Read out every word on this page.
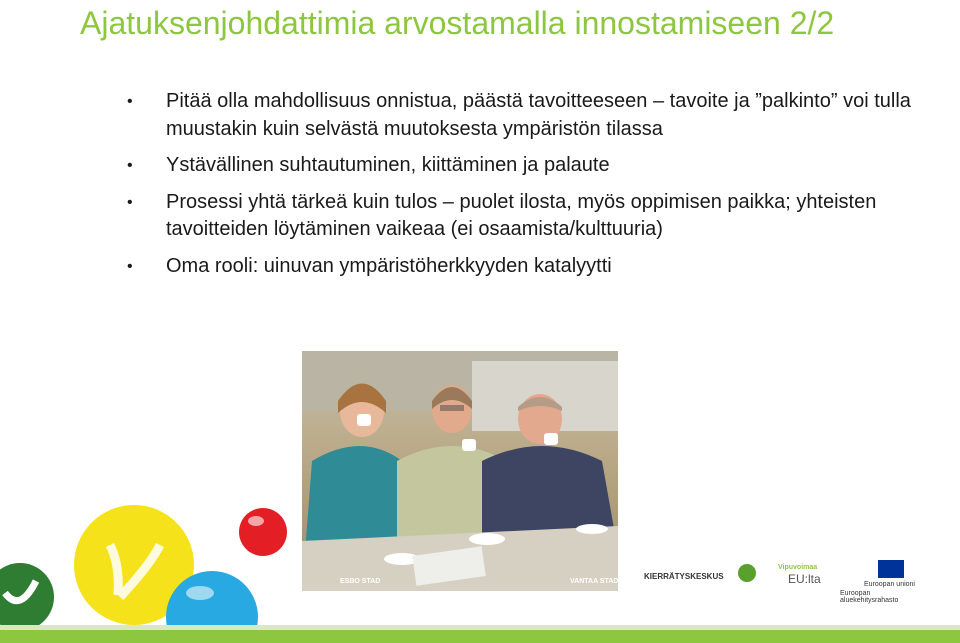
Ajatuksenjohdattimia arvostamalla innostamiseen 2/2
• Pitää olla mahdollisuus onnistua, päästä tavoitteeseen – tavoite ja ”palkinto” voi tulla muustakin kuin selvästä muutoksesta ympäristön tilassa
• Ystävällinen suhtautuminen, kiittäminen ja palaute
• Prosessi yhtä tärkeä kuin tulos – puolet ilosta, myös oppimisen paikka; yhteisten tavoitteiden löytäminen vaikeaa (ei osaamista/kulttuuria)
• Oma rooli: uinuvan ympäristöherkkyyden katalyytti
ESBO STAD	VANTAA STAD
KIERRÄTYSKESKUS
Vipuvoimaa
EU:lta	Euroopan unioni
Euroopan aluekehitysrahasto
